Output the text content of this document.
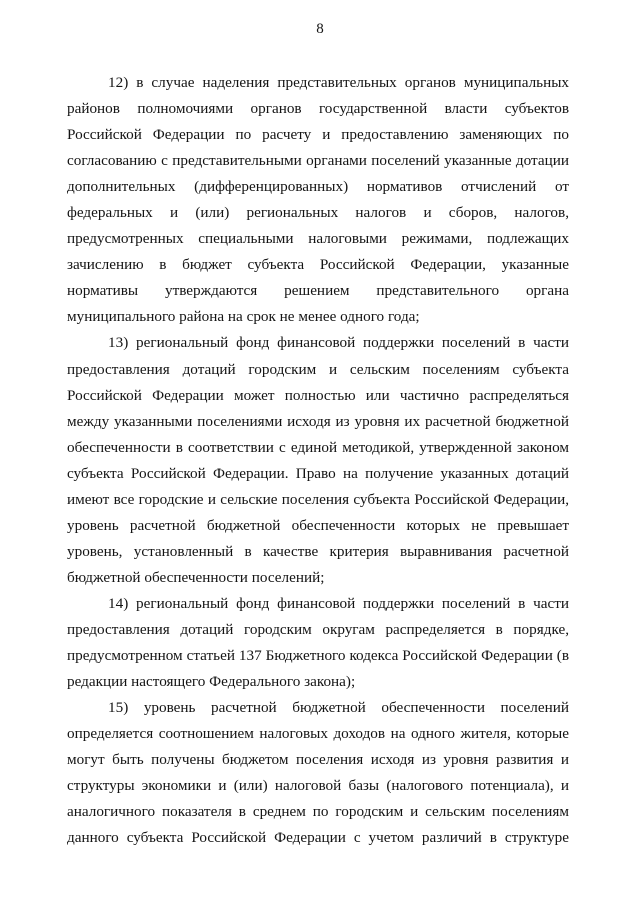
8
12) в случае наделения представительных органов муниципальных
районов полномочиями органов государственной власти субъектов
Российской Федерации по расчету и предоставлению заменяющих по
согласованию с представительными органами поселений указанные дотации
дополнительных (дифференцированных) нормативов отчислений от
федеральных и (или) региональных налогов и сборов, налогов,
предусмотренных специальными налоговыми режимами, подлежащих
зачислению в бюджет субъекта Российской Федерации, указанные
нормативы утверждаются решением представительного органа
муниципального района на срок не менее одного года;
13) региональный фонд финансовой поддержки поселений в части
предоставления дотаций городским и сельским поселениям субъекта
Российской Федерации может полностью или частично распределяться
между указанными поселениями исходя из уровня их расчетной бюджетной
обеспеченности в соответствии с единой методикой, утвержденной законом
субъекта Российской Федерации. Право на получение указанных дотаций
имеют все городские и сельские поселения субъекта Российской Федерации,
уровень расчетной бюджетной обеспеченности которых не превышает
уровень, установленный в качестве критерия выравнивания расчетной
бюджетной обеспеченности поселений;
14) региональный фонд финансовой поддержки поселений в части
предоставления дотаций городским округам распределяется в порядке,
предусмотренном статьей 137 Бюджетного кодекса Российской Федерации (в
редакции настоящего Федерального закона);
15) уровень расчетной бюджетной обеспеченности поселений
определяется соотношением налоговых доходов на одного жителя, которые
могут быть получены бюджетом поселения исходя из уровня развития и
структуры экономики и (или) налоговой базы (налогового потенциала), и
аналогичного показателя в среднем по городским и сельским поселениям
данного субъекта Российской Федерации с учетом различий в структуре
